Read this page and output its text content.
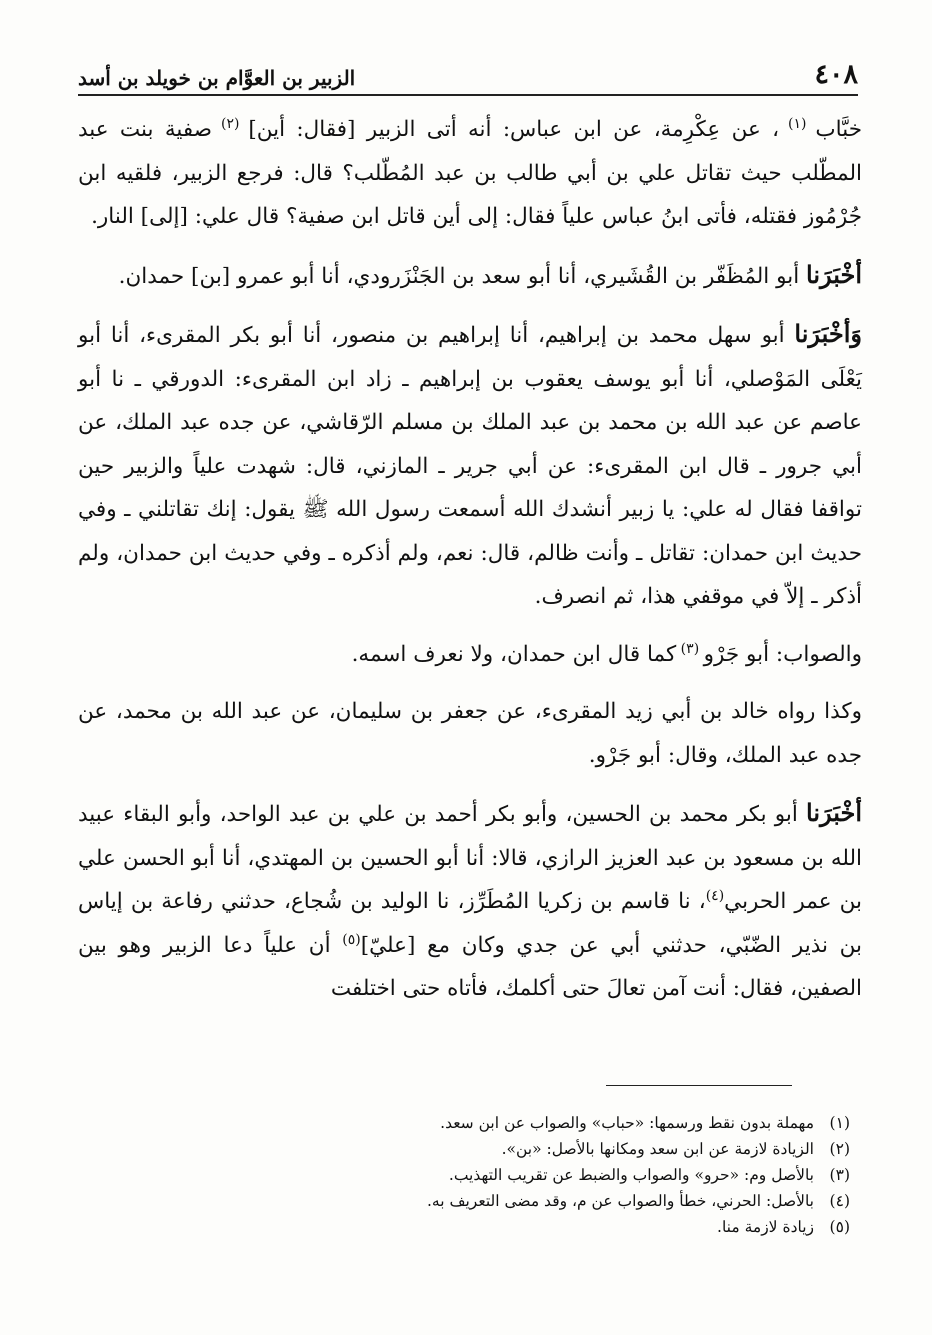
٤٠٨
الزبير بن العوَّام بن خويلد بن أسد

خبَّاب $^{(١)}$ ، عن عِكْرِمة، عن ابن عباس: أنه أتى الزبير [فقال: أين] $^{(٢)}$ صفية بنت عبد المطّلب حيث تقاتل علي بن أبي طالب بن عبد المُطّلب؟ قال: فرجع الزبير، فلقيه ابن جُرْمُوز فقتله، فأتى ابنُ عباس علياً فقال: إلى أين قاتل ابن صفية؟ قال علي: [إلى] النار.

أخْبَرَنا أبو المُظَفّر بن القُشَيري، أنا أبو سعد بن الجَنْزَرودي، أنا أبو عمرو [بن] حمدان.

وَأخْبَرَنا أبو سهل محمد بن إبراهيم، أنا إبراهيم بن منصور، أنا أبو بكر المقرىء، أنا أبو يَعْلَى المَوْصلي، أنا أبو يوسف يعقوب بن إبراهيم ـ زاد ابن المقرىء: الدورقي ـ نا أبو عاصم عن عبد الله بن محمد بن عبد الملك بن مسلم الرّقاشي، عن جده عبد الملك، عن أبي جرور ـ قال ابن المقرىء: عن أبي جرير ـ المازني، قال: شهدت علياً والزبير حين تواقفا فقال له علي: يا زبير أنشدك الله أسمعت رسول الله ﷺ يقول: إنك تقاتلني ـ وفي حديث ابن حمدان: تقاتل ـ وأنت ظالم، قال: نعم، ولم أذكره ـ وفي حديث ابن حمدان، ولم أذكر ـ إلاّ في موقفي هذا، ثم انصرف.

والصواب: أبو جَرْو $^{(٣)}$ كما قال ابن حمدان، ولا نعرف اسمه.

وكذا رواه خالد بن أبي زيد المقرىء، عن جعفر بن سليمان، عن عبد الله بن محمد، عن جده عبد الملك، وقال: أبو جَرْو.

أخْبَرَنا أبو بكر محمد بن الحسين، وأبو بكر أحمد بن علي بن عبد الواحد، وأبو البقاء عبيد الله بن مسعود بن عبد العزيز الرازي، قالا: أنا أبو الحسين بن المهتدي، أنا أبو الحسن علي بن عمر الحربي$^{(٤)}$، نا قاسم بن زكريا المُطَرِّز، نا الوليد بن شُجاع، حدثني رفاعة بن إياس بن نذير الضّبّي، حدثني أبي عن جدي وكان مع [عليّ]$^{(٥)}$ أن علياً دعا الزبير وهو بين الصفين، فقال: أنت آمن تعالَ حتى أكلمك، فأتاه حتى اختلفت

(١)
مهملة بدون نقط ورسمها: «حباب» والصواب عن ابن سعد.
(٢)
الزيادة لازمة عن ابن سعد ومكانها بالأصل: «بن».
(٣)
بالأصل وم: «حرو» والصواب والضبط عن تقريب التهذيب.
(٤)
بالأصل: الحرني، خطأ والصواب عن م، وقد مضى التعريف به.
(٥)
زيادة لازمة منا.
